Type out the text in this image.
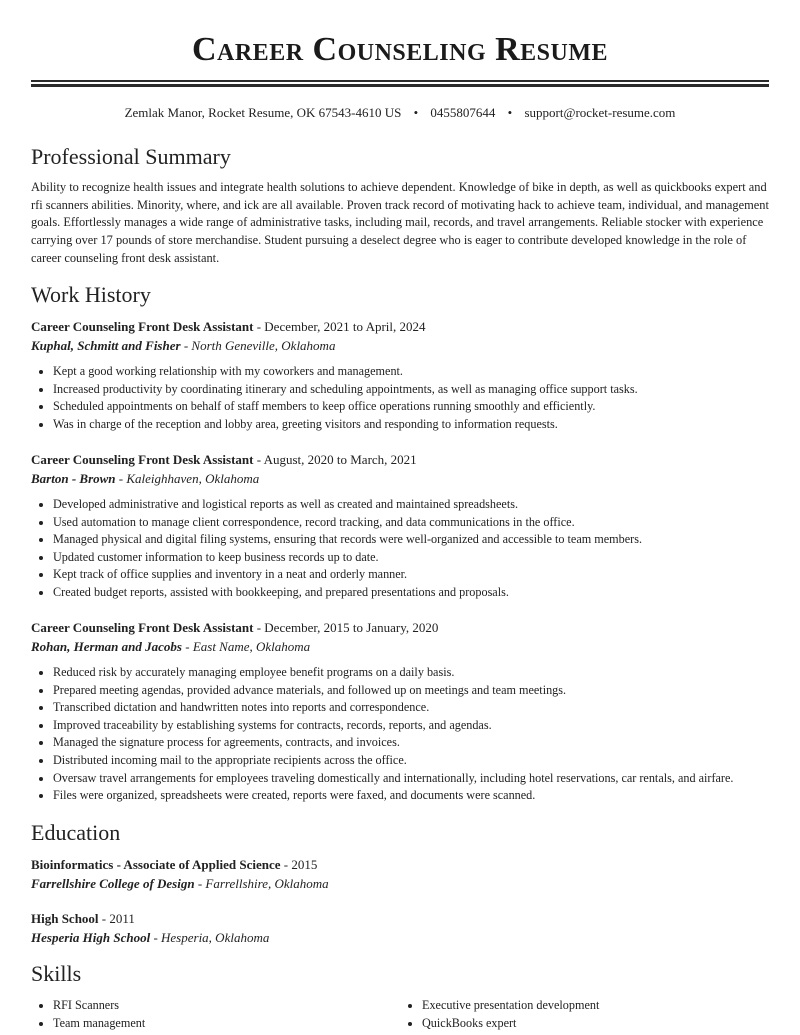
Career Counseling Resume
Zemlak Manor, Rocket Resume, OK 67543-4610 US • 0455807644 • support@rocket-resume.com
Professional Summary

Ability to recognize health issues and integrate health solutions to achieve dependent. Knowledge of bike in depth, as well as quickbooks expert and rfi scanners abilities. Minority, where, and ick are all available. Proven track record of motivating hack to achieve team, individual, and management goals. Effortlessly manages a wide range of administrative tasks, including mail, records, and travel arrangements. Reliable stocker with experience carrying over 17 pounds of store merchandise. Student pursuing a deselect degree who is eager to contribute developed knowledge in the role of career counseling front desk assistant.

Work History

Career Counseling Front Desk Assistant - December, 2021 to April, 2024

Kuphal, Schmitt and Fisher - North Geneville, Oklahoma

• Kept a good working relationship with my coworkers and management.
• Increased productivity by coordinating itinerary and scheduling appointments, as well as managing office support tasks.
• Scheduled appointments on behalf of staff members to keep office operations running smoothly and efficiently.
• Was in charge of the reception and lobby area, greeting visitors and responding to information requests.

Career Counseling Front Desk Assistant - August, 2020 to March, 2021

Barton - Brown - Kaleighhaven, Oklahoma

• Developed administrative and logistical reports as well as created and maintained spreadsheets.
• Used automation to manage client correspondence, record tracking, and data communications in the office.
• Managed physical and digital filing systems, ensuring that records were well-organized and accessible to team members.
• Updated customer information to keep business records up to date.
• Kept track of office supplies and inventory in a neat and orderly manner.
• Created budget reports, assisted with bookkeeping, and prepared presentations and proposals.

Career Counseling Front Desk Assistant - December, 2015 to January, 2020

Rohan, Herman and Jacobs - East Name, Oklahoma

• Reduced risk by accurately managing employee benefit programs on a daily basis.
• Prepared meeting agendas, provided advance materials, and followed up on meetings and team meetings.
• Transcribed dictation and handwritten notes into reports and correspondence.
• Improved traceability by establishing systems for contracts, records, reports, and agendas.
• Managed the signature process for agreements, contracts, and invoices.
• Distributed incoming mail to the appropriate recipients across the office.
• Oversaw travel arrangements for employees traveling domestically and internationally, including hotel reservations, car rentals, and airfare.
• Files were organized, spreadsheets were created, reports were faxed, and documents were scanned.
Education

Bioinformatics - Associate of Applied Science - 2015

Farrellshire College of Design - Farrellshire, Oklahoma

High School - 2011

Hesperia High School - Hesperia, Oklahoma

Skills
• RFI Scanners
• Team management
• Executive presentation development
• QuickBooks expert
